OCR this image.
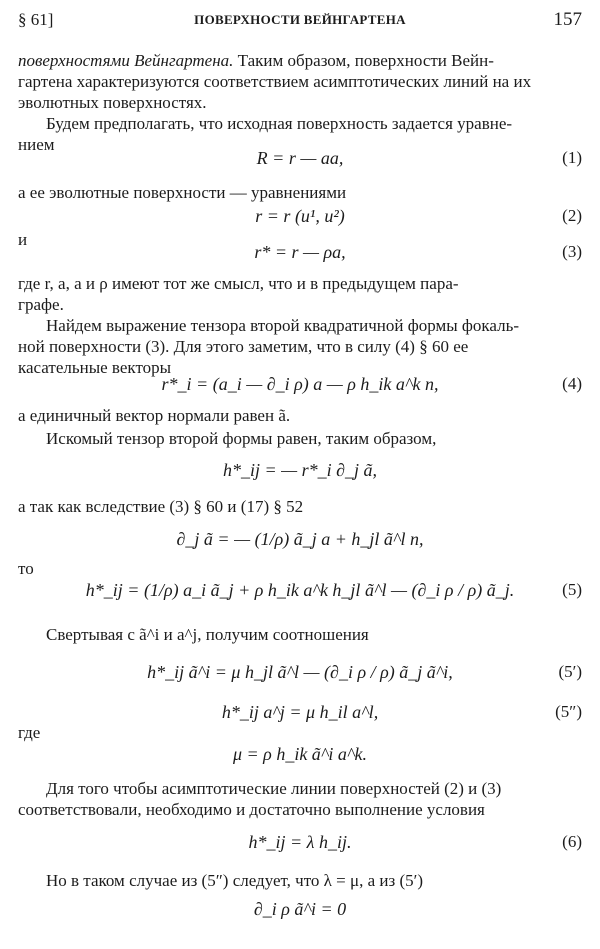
§ 61]	ПОВЕРХНОСТИ ВЕЙНГАРТЕНА	157
поверхностями Вейнгартена. Таким образом, поверхности Вейн-
гартена характеризуются соответствием асимптотических линий на их
эволютных поверхностях.
Будем предполагать, что исходная поверхность задается уравне-
нием
R = r — aa,	(1)
а ее эволютные поверхности — уравнениями
r = r (u¹, u²)	(2)
и
r* = r — ρa,	(3)
где r, a, a и ρ имеют тот же смысл, что и в предыдущем пара-
графе.
Найдем выражение тензора второй квадратичной формы фокаль-
ной поверхности (3). Для этого заметим, что в силу (4) § 60 ее
касательные векторы
r*_i = (a_i — ∂_i ρ) a — ρ h_ik a^k n,	(4)
а единичный вектор нормали равен ã.
Искомый тензор второй формы равен, таким образом,
h*_ij = — r*_i ∂_j ã,
а так как вследствие (3) § 60 и (17) § 52
∂_j ã = — (1/ρ) ã_j a + h_jl ã^l n,
то
h*_ij = (1/ρ) a_i ã_j + ρ h_ik a^k h_jl ã^l — (∂_i ρ / ρ) ã_j.	(5)
Свертывая с ã^i и a^j, получим соотношения
h*_ij ã^i = μ h_jl ã^l — (∂_i ρ / ρ) ã_j ã^i,	(5′)
h*_ij a^j = μ h_il a^l,	(5″)
где
μ = ρ h_ik ã^i a^k.
Для того чтобы асимптотические линии поверхностей (2) и (3)
соответствовали, необходимо и достаточно выполнение условия
h*_ij = λ h_ij.	(6)
Но в таком случае из (5″) следует, что λ = μ, а из (5′)
∂_i ρ ã^i = 0
